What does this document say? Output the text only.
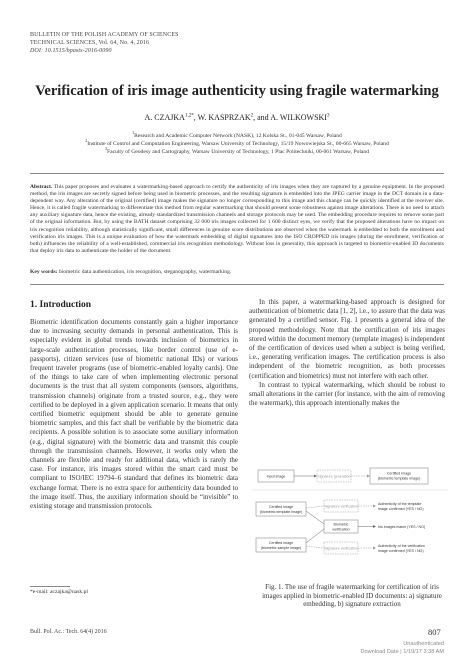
BULLETIN OF THE POLISH ACADEMY OF SCIENCES
TECHNICAL SCIENCES, Vol. 64, No. 4, 2016
DOI: 10.1515/bpasts-2016-0090
Verification of iris image authenticity using fragile watermarking
A. $CZAJKA^{1,2*}$, W. KASPRZAK$^2$, and A. WILKOWSKI$^3$
$^1$Research and Academic Computer Network (NASK), 12 Kolska St., 01-045 Warsaw, Poland
$^2$Institute of Control and Computation Engineering, Warsaw University of Technology, 15/19 Nowowiejska St., 00-665 Warsaw, Poland
$^3$Faculty of Geodesy and Cartography, Warsaw University of Technology, 1 Plac Politechniki, 00-061 Warsaw, Poland
Abstract. This paper proposes and evaluates a watermarking-based approach to certify the authenticity of iris images when they are captured by a genuine equipment. In the proposed method, the iris images are secretly signed before being used in biometric processes, and the resulting signature is embedded into the JPEG carrier image in the DCT domain in a data-dependent way. Any alteration of the original (certified) image makes the signature no longer corresponding to this image and this change can be quickly identified at the receiver site. Hence, it is called fragile watermarking to differentiate this method from regular watermarking that should present some robustness against image alterations. There is no need to attach any auxiliary signature data, hence the existing, already standardized transmission channels and storage protocols may be used. The embedding procedure requires to remove some part of the original information. But, by using the BATH dataset comprising 32 000 iris images collected for 1 600 distinct eyes, we verify that the proposed alterations have no impact on iris recognition reliability, although statistically significant, small differences in genuine score distributions are observed when the watermark is embedded to both the enrollment and verification iris images. This is a unique evaluation of how the watermark embedding of digital signatures into the ISO CROPPED iris images (during the enrollment, verification or both) influences the reliability of a well-established, commercial iris recognition methodology. Without loss in generality, this approach is targeted to biometric-enabled ID documents that deploy iris data to authenticate the holder of the document.
Key words: biometric data authentication, iris recognition, steganography, watermarking.
1. Introduction

Biometric identification documents constantly gain a higher importance due to increasing security demands in personal authentication. This is especially evident in global trends towards inclusion of biometrics in large-scale authentication processes, like border control (use of e-passports), citizen services (use of biometric national IDs) or various frequent traveler programs (use of biometric-enabled loyalty cards). One of the things to take care of when implementing electronic personal documents is the trust that all system components (sensors, algorithms, transmission channels) originate from a trusted source, e.g., they were certified to be deployed in a given application scenario. It means that only certified biometric equipment should be able to generate genuine biometric samples, and this fact shall be verifiable by the biometric data recipients. A possible solution is to associate some auxiliary information (e.g., digital signature) with the biometric data and transmit this couple through the transmission channels. However, it works only when the channels are flexible and ready for additional data, which is rarely the case. For instance, iris images stored within the smart card must be compliant to ISO/IEC 19794–6 standard that defines its biometric data exchange format. There is no extra space for authenticity data bounded to the image itself. Thus, the auxiliary information should be “invisible” to existing storage and transmission protocols.

In this paper, a watermarking-based approach is designed for authentication of biometric data [1, 2], i.e., to assure that the data was generated by a certified sensor. Fig. 1 presents a general idea of the proposed methodology. Note that the certification of iris images stored within the document memory (template images) is independent of the certification of devices used when a subject is being verified, i.e., generating verification images. The certification process is also independent of the biometric recognition, as both processes (certification and biometrics) must not interfere with each other.

In contrast to typical watermarking, which should be robust to small alterations in the carrier (for instance, with the aim of removing the watermark), this approach intentionally makes the

Input image	Signature generation
Certified image
(biometric template image)
Certified image
(biometric template image)
Certified image
(biometric sample image)
Signature verification
Biometric
verification
Signature verification
Authenticity of the template
image confirmed (YES / NO)
Iris images match (YES / NO)
Authenticity of the verification
image confirmed (YES / NO)
Fig. 1. The use of fragile watermarking for certification of iris images applied in biometric-enabled ID documents: a) signature embedding, b) signature extraction
*e-mail: aczajka@nask.pl
Bull. Pol. Ac.: Tech. 64(4) 2016	807
Unauthenticated
Download Date | 1/19/17 3:38 AM
